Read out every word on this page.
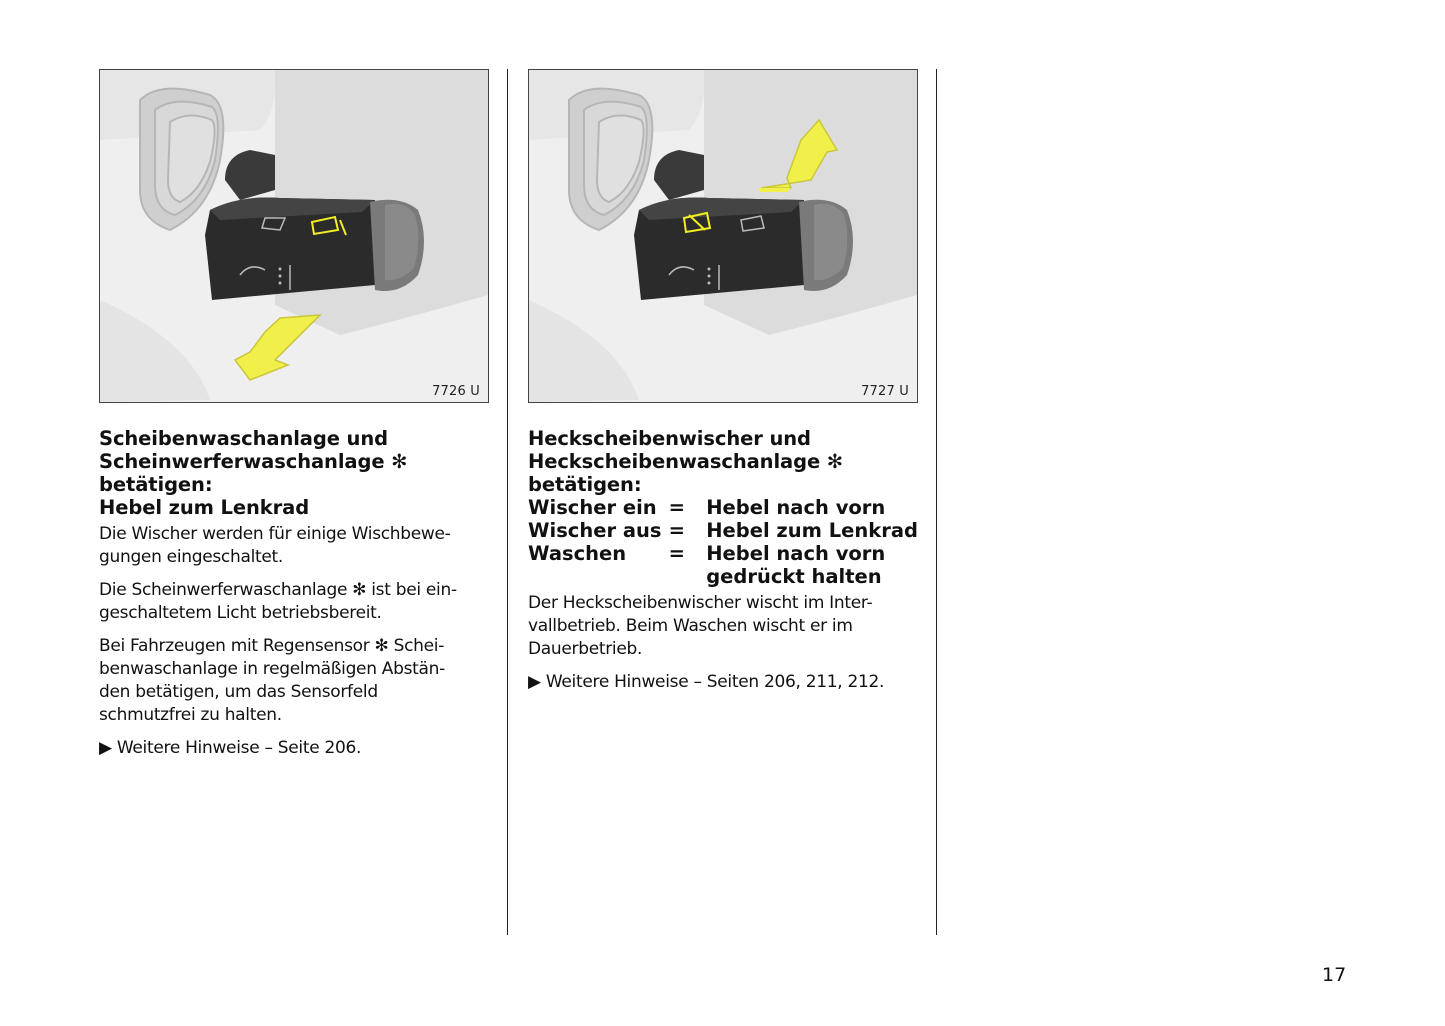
7726 U
Scheibenwaschanlage und
Scheinwerferwaschanlage ✻
betätigen:
Hebel zum Lenkrad
Die Wischer werden für einige Wischbewe-
gungen eingeschaltet.
Die Scheinwerferwaschanlage ✻ ist bei ein-
geschaltetem Licht betriebsbereit.
Bei Fahrzeugen mit Regensensor ✻ Schei-
benwaschanlage in regelmäßigen Abstän-
den betätigen, um das Sensorfeld
schmutzfrei zu halten.
▶ Weitere Hinweise – Seite 206.
7727 U
Heckscheibenwischer und
Heckscheibenwaschanlage ✻
betätigen:
Wischer ein	=	Hebel nach vorn
Wischer aus	=	Hebel zum Lenkrad
Waschen	=	Hebel nach vorn
		gedrückt halten
Der Heckscheibenwischer wischt im Inter-
vallbetrieb. Beim Waschen wischt er im
Dauerbetrieb.
▶ Weitere Hinweise – Seiten 206, 211, 212.
17
